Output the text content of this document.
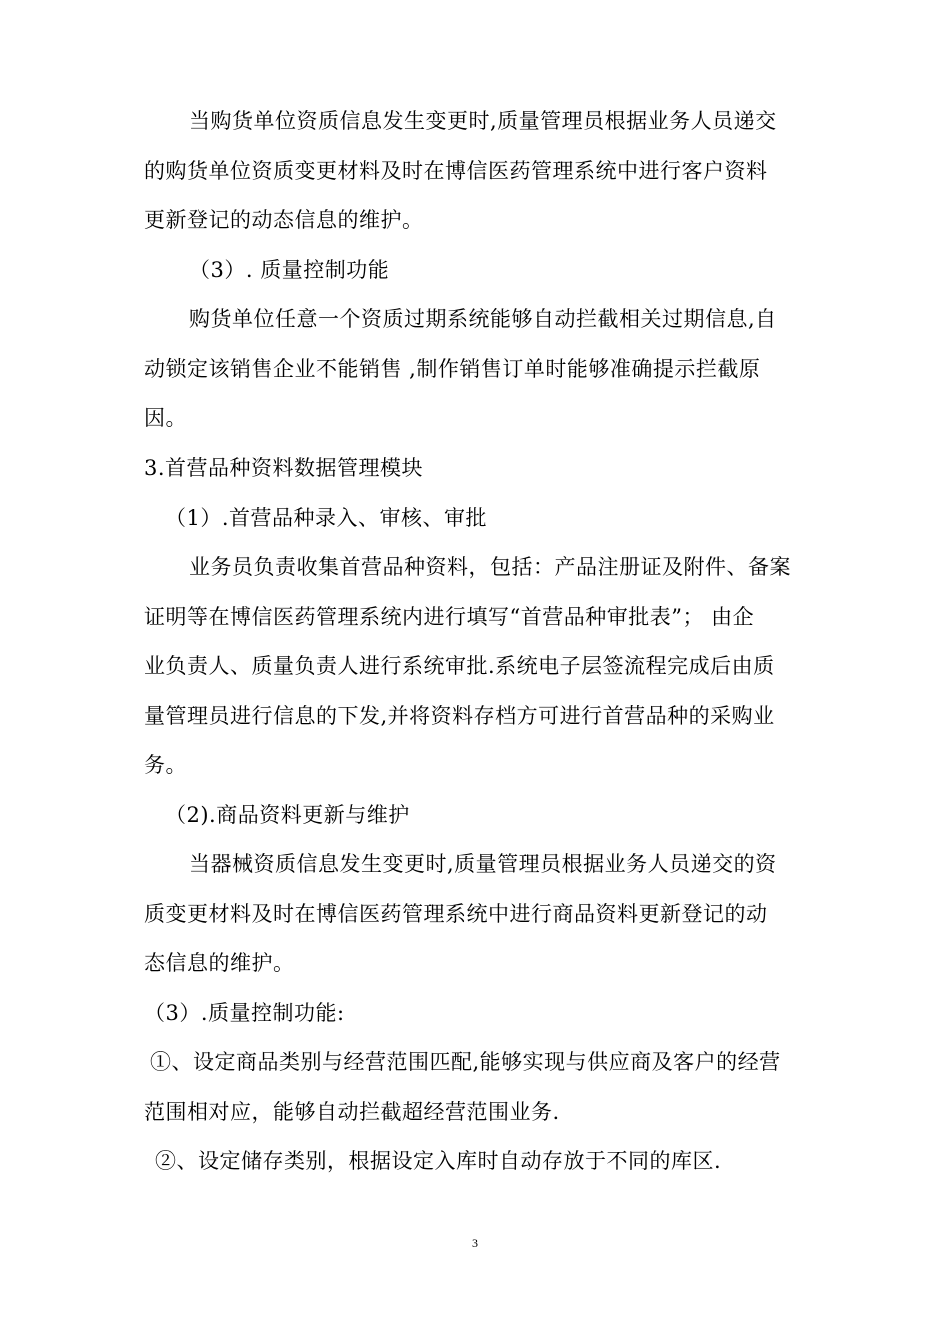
当购货单位资质信息发生变更时,质量管理员根据业务人员递交
的购货单位资质变更材料及时在博信医药管理系统中进行客户资料
更新登记的动态信息的维护。
（3）. 质量控制功能
购货单位任意一个资质过期系统能够自动拦截相关过期信息,自
动锁定该销售企业不能销售 ,制作销售订单时能够准确提示拦截原
因。
3.首营品种资料数据管理模块
（1）.首营品种录入、审核、审批
业务员负责收集首营品种资料，包括：产品注册证及附件、备案
证明等在博信医药管理系统内进行填写“首营品种审批表”； 由企
业负责人、质量负责人进行系统审批.系统电子层签流程完成后由质
量管理员进行信息的下发,并将资料存档方可进行首营品种的采购业
务。
（2).商品资料更新与维护
当器械资质信息发生变更时,质量管理员根据业务人员递交的资
质变更材料及时在博信医药管理系统中进行商品资料更新登记的动
态信息的维护。
（3）.质量控制功能:
①、设定商品类别与经营范围匹配,能够实现与供应商及客户的经营
范围相对应，能够自动拦截超经营范围业务.
②、设定储存类别，根据设定入库时自动存放于不同的库区.
3
